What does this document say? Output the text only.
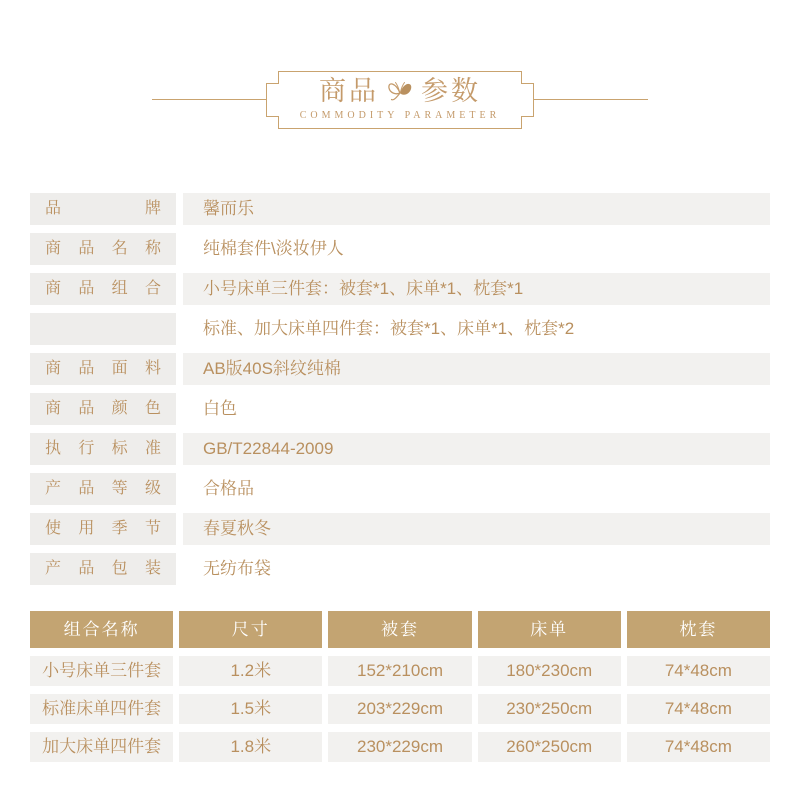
商品 参数
COMMODITY PARAMETER
品牌	馨而乐
商品名称	纯棉套件\淡妆伊人
商品组合	小号床单三件套：被套*1、床单*1、枕套*1
标准、加大床单四件套：被套*1、床单*1、枕套*2
商品面料	AB版40S斜纹纯棉
商品颜色	白色
执行标准	GB/T22844-2009
产品等级	合格品
使用季节	春夏秋冬
产品包装	无纺布袋
组合名称	尺寸	被套	床单	枕套
小号床单三件套	1.2米	152*210cm	180*230cm	74*48cm
标准床单四件套	1.5米	203*229cm	230*250cm	74*48cm
加大床单四件套	1.8米	230*229cm	260*250cm	74*48cm
